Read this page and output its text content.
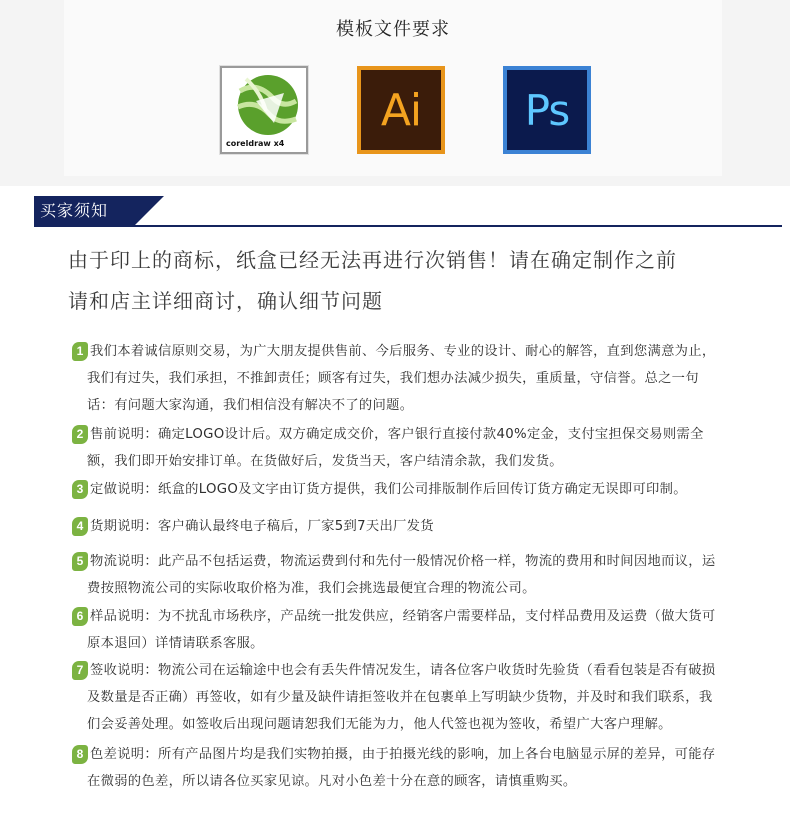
模板文件要求
coreldraw x4
Ai	Ps
买家须知
由于印上的商标，纸盒已经无法再进行次销售！请在确定制作之前
请和店主详细商讨，确认细节问题
1 我们本着诚信原则交易，为广大朋友提供售前、今后服务、专业的设计、耐心的解答，直到您满意为止，
我们有过失，我们承担，不推卸责任；顾客有过失，我们想办法减少损失，重质量，守信誉。总之一句
话：有问题大家沟通，我们相信没有解决不了的问题。
2 售前说明：确定LOGO设计后。双方确定成交价，客户银行直接付款40%定金，支付宝担保交易则需全
额，我们即开始安排订单。在货做好后，发货当天，客户结清余款，我们发货。
3 定做说明：纸盒的LOGO及文字由订货方提供，我们公司排版制作后回传订货方确定无误即可印制。
4 货期说明：客户确认最终电子稿后，厂家5到7天出厂发货
5 物流说明：此产品不包括运费，物流运费到付和先付一般情况价格一样，物流的费用和时间因地而议，运
费按照物流公司的实际收取价格为准，我们会挑选最便宜合理的物流公司。
6 样品说明：为不扰乱市场秩序，产品统一批发供应，经销客户需要样品，支付样品费用及运费（做大货可
原本退回）详情请联系客服。
7 签收说明：物流公司在运输途中也会有丢失件情况发生，请各位客户收货时先验货（看看包装是否有破损
及数量是否正确）再签收，如有少量及缺件请拒签收并在包裹单上写明缺少货物，并及时和我们联系，我
们会妥善处理。如签收后出现问题请恕我们无能为力，他人代签也视为签收，希望广大客户理解。
8 色差说明：所有产品图片均是我们实物拍摄，由于拍摄光线的影响，加上各台电脑显示屏的差异，可能存
在微弱的色差，所以请各位买家见谅。凡对小色差十分在意的顾客，请慎重购买。
